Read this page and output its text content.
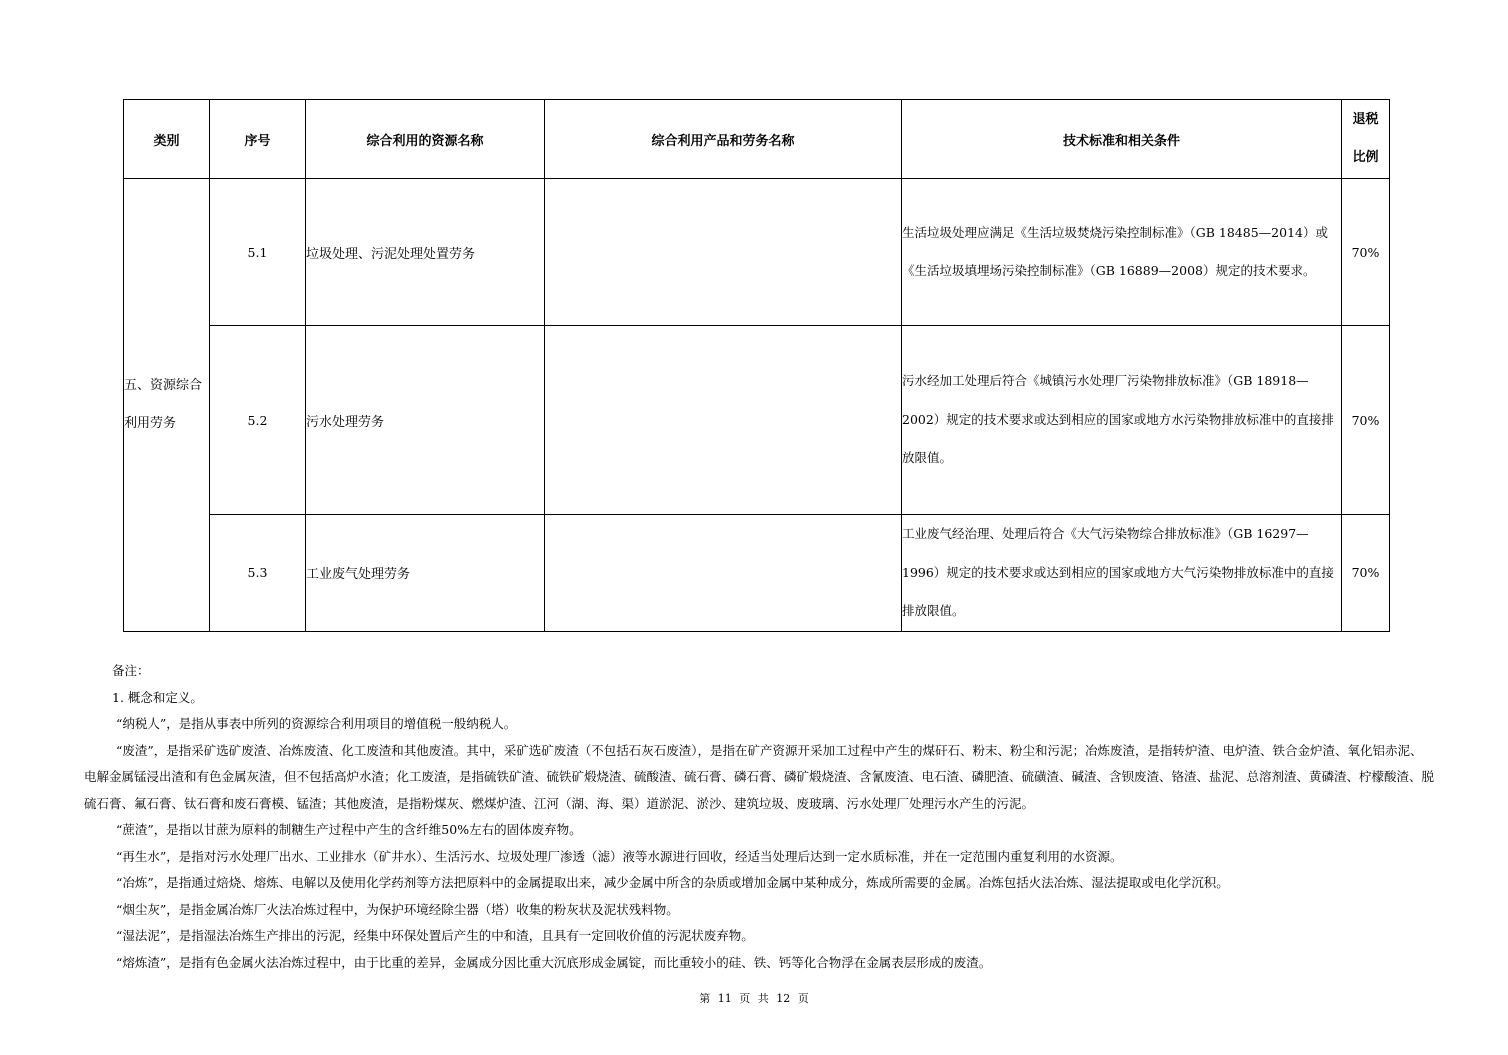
类别	序号	综合利用的资源名称	综合利用产品和劳务名称	技术标准和相关条件	退税
比例

五、资源综合利用劳务	5.1	垃圾处理、污泥处理处置劳务		生活垃圾处理应满足《生活垃圾焚烧污染控制标准》（GB 18485—2014）或《生活垃圾填埋场污染控制标准》（GB 16889—2008）规定的技术要求。	70%
	5.2	污水处理劳务		污水经加工处理后符合《城镇污水处理厂污染物排放标准》（GB 18918—2002）规定的技术要求或达到相应的国家或地方水污染物排放标准中的直接排放限值。	70%
	5.3	工业废气处理劳务		工业废气经治理、处理后符合《大气污染物综合排放标准》（GB 16297—1996）规定的技术要求或达到相应的国家或地方大气污染物排放标准中的直接排放限值。	70%

备注：

1. 概念和定义。

“纳税人”，是指从事表中所列的资源综合利用项目的增值税一般纳税人。

“废渣”，是指采矿选矿废渣、冶炼废渣、化工废渣和其他废渣。其中，采矿选矿废渣（不包括石灰石废渣），是指在矿产资源开采加工过程中产生的煤矸石、粉末、粉尘和污泥；冶炼废渣，是指转炉渣、电炉渣、铁合金炉渣、氧化铝赤泥、电解金属锰浸出渣和有色金属灰渣，但不包括高炉水渣；化工废渣，是指硫铁矿渣、硫铁矿煅烧渣、硫酸渣、硫石膏、磷石膏、磷矿煅烧渣、含氰废渣、电石渣、磷肥渣、硫磺渣、碱渣、含钡废渣、铬渣、盐泥、总溶剂渣、黄磷渣、柠檬酸渣、脱硫石膏、氟石膏、钛石膏和废石膏模、锰渣；其他废渣，是指粉煤灰、燃煤炉渣、江河（湖、海、渠）道淤泥、淤沙、建筑垃圾、废玻璃、污水处理厂处理污水产生的污泥。

“蔗渣”，是指以甘蔗为原料的制糖生产过程中产生的含纤维50%左右的固体废弃物。

“再生水”，是指对污水处理厂出水、工业排水（矿井水）、生活污水、垃圾处理厂渗透（滤）液等水源进行回收，经适当处理后达到一定水质标准，并在一定范围内重复利用的水资源。

“冶炼”，是指通过焙烧、熔炼、电解以及使用化学药剂等方法把原料中的金属提取出来，减少金属中所含的杂质或增加金属中某种成分，炼成所需要的金属。冶炼包括火法冶炼、湿法提取或电化学沉积。

“烟尘灰”，是指金属冶炼厂火法冶炼过程中，为保护环境经除尘器（塔）收集的粉灰状及泥状残料物。

“湿法泥”，是指湿法冶炼生产排出的污泥，经集中环保处置后产生的中和渣，且具有一定回收价值的污泥状废弃物。

“熔炼渣”，是指有色金属火法冶炼过程中，由于比重的差异，金属成分因比重大沉底形成金属锭，而比重较小的硅、铁、钙等化合物浮在金属表层形成的废渣。

第 11 页 共 12 页
